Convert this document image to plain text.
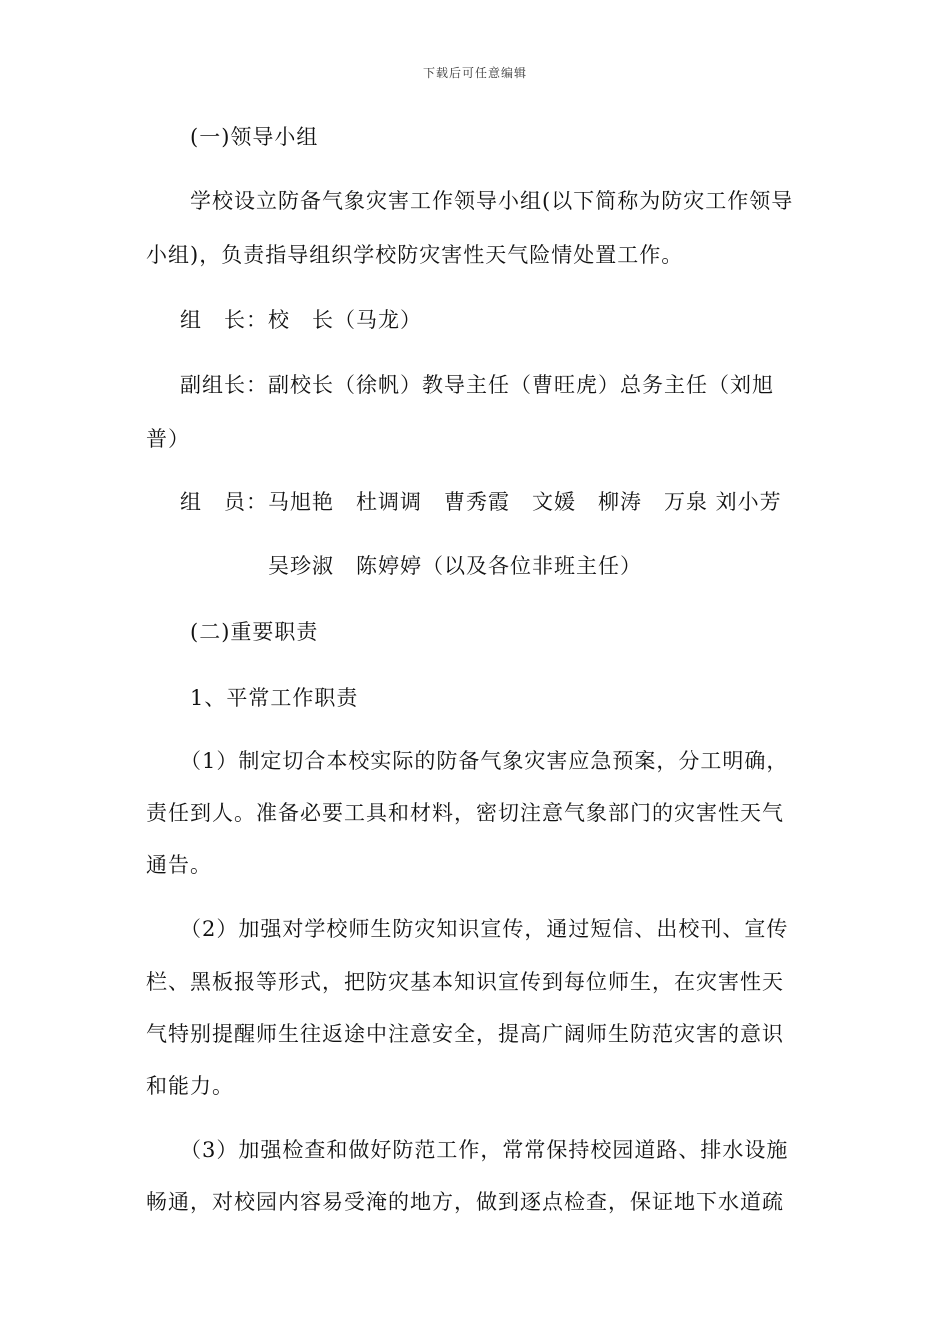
下载后可任意编辑
(一)领导小组
学校设立防备气象灾害工作领导小组(以下简称为防灾工作领导
小组)，负责指导组织学校防灾害性天气险情处置工作。
组　长：校　长（马龙）
副组长：副校长（徐帆）教导主任（曹旺虎）总务主任（刘旭
普）
组　员：马旭艳　杜调调　曹秀霞　文媛　柳涛　万泉 刘小芳
吴珍淑　陈婷婷（以及各位非班主任）
(二)重要职责
1、平常工作职责
（1）制定切合本校实际的防备气象灾害应急预案，分工明确，
责任到人。准备必要工具和材料，密切注意气象部门的灾害性天气
通告。
（2）加强对学校师生防灾知识宣传，通过短信、出校刊、宣传
栏、黑板报等形式，把防灾基本知识宣传到每位师生，在灾害性天
气特别提醒师生往返途中注意安全，提高广阔师生防范灾害的意识
和能力。
（3）加强检查和做好防范工作，常常保持校园道路、排水设施
畅通，对校园内容易受淹的地方，做到逐点检查，保证地下水道疏
